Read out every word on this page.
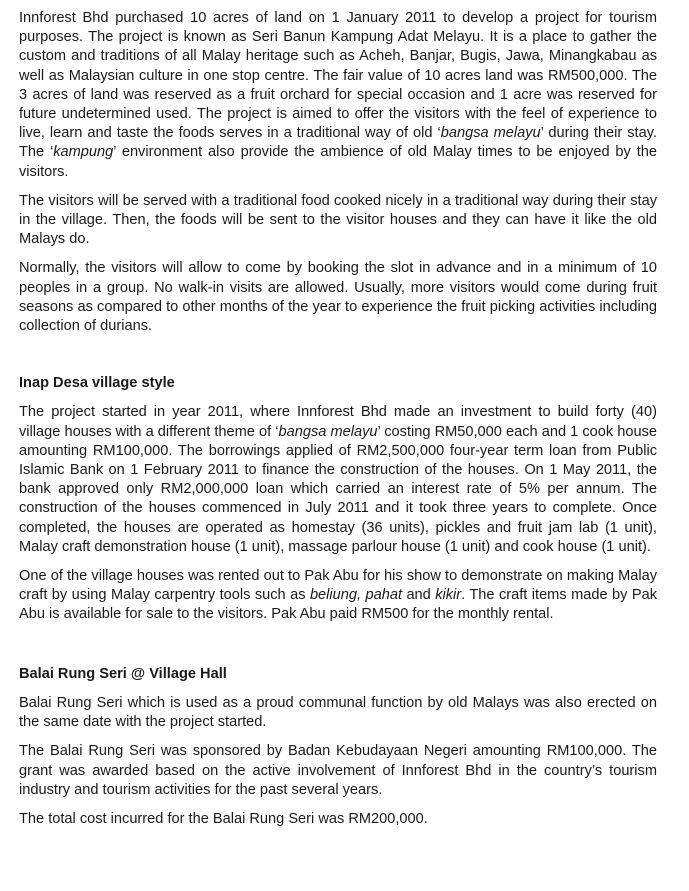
Innforest Bhd purchased 10 acres of land on 1 January 2011 to develop a project for tourism purposes. The project is known as Seri Banun Kampung Adat Melayu. It is a place to gather the custom and traditions of all Malay heritage such as Acheh, Banjar, Bugis, Jawa, Minangkabau as well as Malaysian culture in one stop centre. The fair value of 10 acres land was RM500,000. The 3 acres of land was reserved as a fruit orchard for special occasion and 1 acre was reserved for future undetermined used. The project is aimed to offer the visitors with the feel of experience to live, learn and taste the foods serves in a traditional way of old ‘bangsa melayu’ during their stay. The ‘kampung’ environment also provide the ambience of old Malay times to be enjoyed by the visitors.

The visitors will be served with a traditional food cooked nicely in a traditional way during their stay in the village. Then, the foods will be sent to the visitor houses and they can have it like the old Malays do.

Normally, the visitors will allow to come by booking the slot in advance and in a minimum of 10 peoples in a group. No walk-in visits are allowed. Usually, more visitors would come during fruit seasons as compared to other months of the year to experience the fruit picking activities including collection of durians.

Inap Desa village style

The project started in year 2011, where Innforest Bhd made an investment to build forty (40) village houses with a different theme of ‘bangsa melayu’ costing RM50,000 each and 1 cook house amounting RM100,000. The borrowings applied of RM2,500,000 four-year term loan from Public Islamic Bank on 1 February 2011 to finance the construction of the houses. On 1 May 2011, the bank approved only RM2,000,000 loan which carried an interest rate of 5% per annum. The construction of the houses commenced in July 2011 and it took three years to complete. Once completed, the houses are operated as homestay (36 units), pickles and fruit jam lab (1 unit), Malay craft demonstration house (1 unit), massage parlour house (1 unit) and cook house (1 unit).

One of the village houses was rented out to Pak Abu for his show to demonstrate on making Malay craft by using Malay carpentry tools such as beliung, pahat and kikir. The craft items made by Pak Abu is available for sale to the visitors. Pak Abu paid RM500 for the monthly rental.

Balai Rung Seri @ Village Hall

Balai Rung Seri which is used as a proud communal function by old Malays was also erected on the same date with the project started.

The Balai Rung Seri was sponsored by Badan Kebudayaan Negeri amounting RM100,000. The grant was awarded based on the active involvement of Innforest Bhd in the country’s tourism industry and tourism activities for the past several years.

The total cost incurred for the Balai Rung Seri was RM200,000.
